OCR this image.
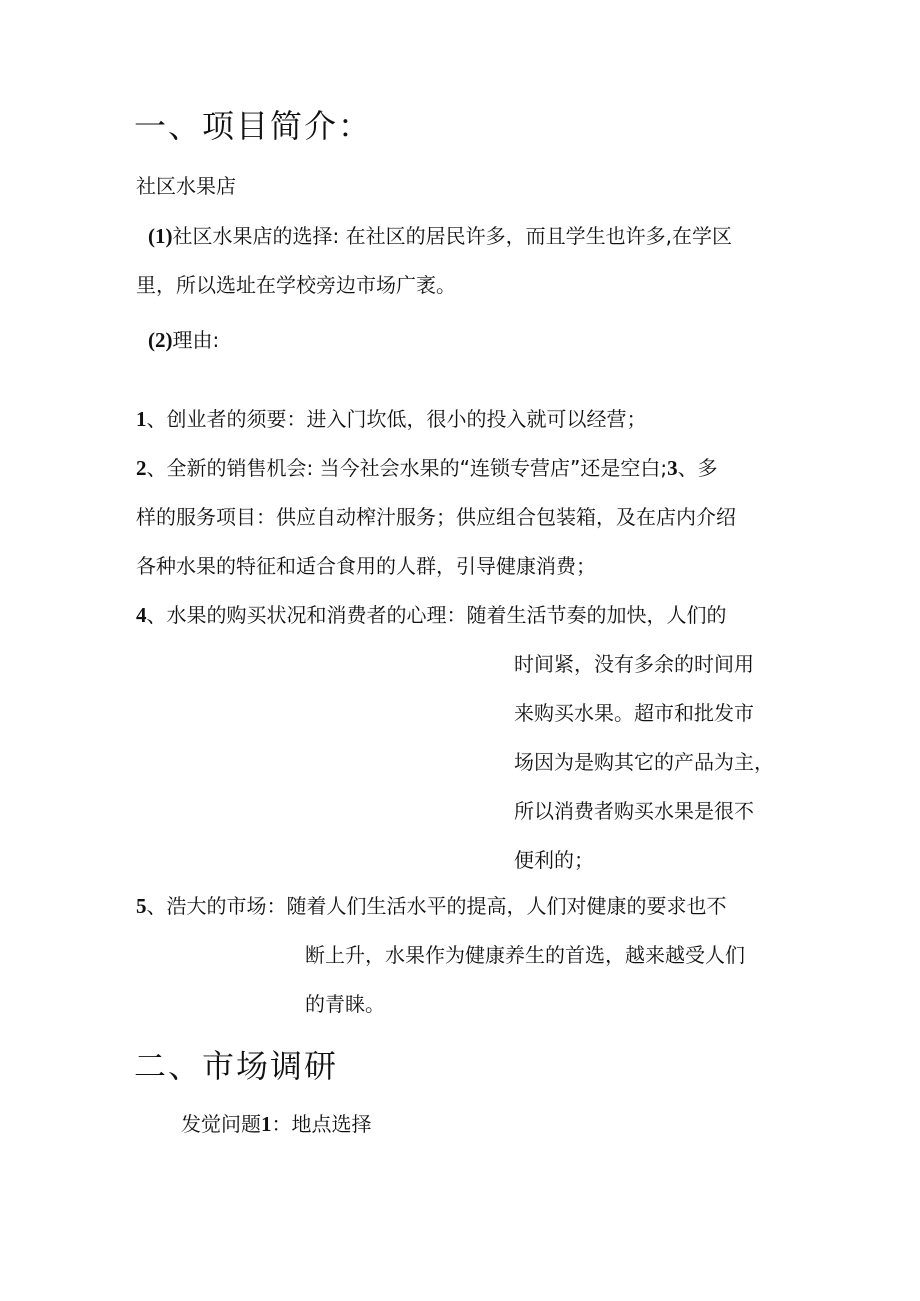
一、项目简介：
社区水果店
(1)社区水果店的选择: 在社区的居民许多，而且学生也许多,在学区
里，所以选址在学校旁边市场广袤。
(2)理由:
1、创业者的须要：进入门坎低，很小的投入就可以经营；
2、全新的销售机会: 当今社会水果的“连锁专营店”还是空白;3、多
样的服务项目：供应自动榨汁服务；供应组合包装箱，及在店内介绍
各种水果的特征和适合食用的人群，引导健康消费；
4、水果的购买状况和消费者的心理：随着生活节奏的加快，人们的
时间紧，没有多余的时间用
来购买水果。超市和批发市
场因为是购其它的产品为主，
所以消费者购买水果是很不
便利的；
5、浩大的市场：随着人们生活水平的提高，人们对健康的要求也不
断上升，水果作为健康养生的首选，越来越受人们
的青睐。
二、市场调研
发觉问题1：地点选择
